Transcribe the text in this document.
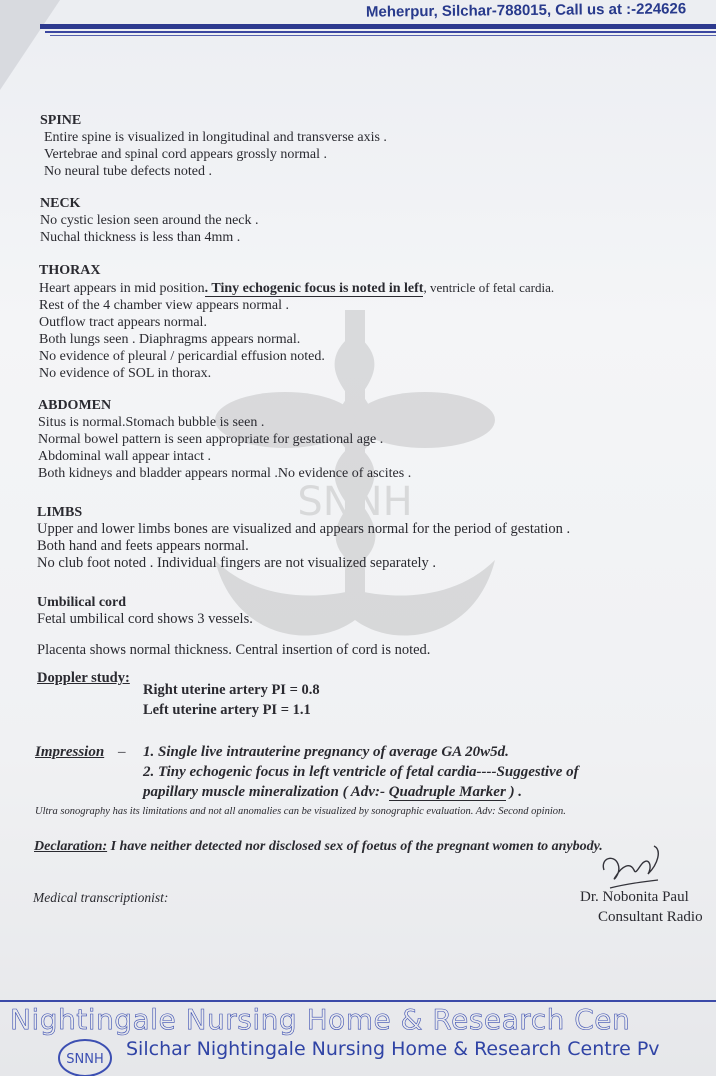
Meherpur, Silchar-788015, Call us at :-224626
SNNH
SPINE
Entire spine is visualized in longitudinal and transverse axis .
Vertebrae and spinal cord appears grossly normal .
No neural tube defects noted .
NECK
No cystic lesion seen around the neck .
Nuchal thickness is less than 4mm .
THORAX
Heart appears in mid position. Tiny echogenic focus is noted in left, ventricle of fetal cardia.
Rest of the 4 chamber view appears normal .
Outflow tract appears normal.
Both lungs seen . Diaphragms appears normal.
No evidence of pleural / pericardial effusion noted.
No evidence of SOL in thorax.
ABDOMEN
Situs is normal.Stomach bubble is seen .
Normal bowel pattern is seen appropriate for gestational age .
Abdominal wall appear intact .
Both kidneys and bladder appears normal .No evidence of ascites .
LIMBS
Upper and lower limbs bones are visualized and appears normal for the period of gestation .
Both hand and feets appears normal.
No club foot noted . Individual fingers are not visualized separately .
Umbilical cord
Fetal umbilical cord shows 3 vessels.
Placenta shows normal thickness. Central insertion of cord is noted.
Doppler study:
Right uterine artery PI = 0.8
Left uterine artery PI = 1.1
Impression – 1. Single live intrauterine pregnancy of average GA 20w5d.
2. Tiny echogenic focus in left ventricle of fetal cardia----Suggestive of
papillary muscle mineralization ( Adv:- Quadruple Marker ) .
Ultra sonography has its limitations and not all anomalies can be visualized by sonographic evaluation. Adv: Second opinion.
Declaration: I have neither detected nor disclosed sex of foetus of the pregnant women to anybody.
Medical transcriptionist:	Dr. Nobonita Paul
Consultant Radio
Nightingale Nursing Home & Research Cen
SNNH Silchar Nightingale Nursing Home & Research Centre Pv
